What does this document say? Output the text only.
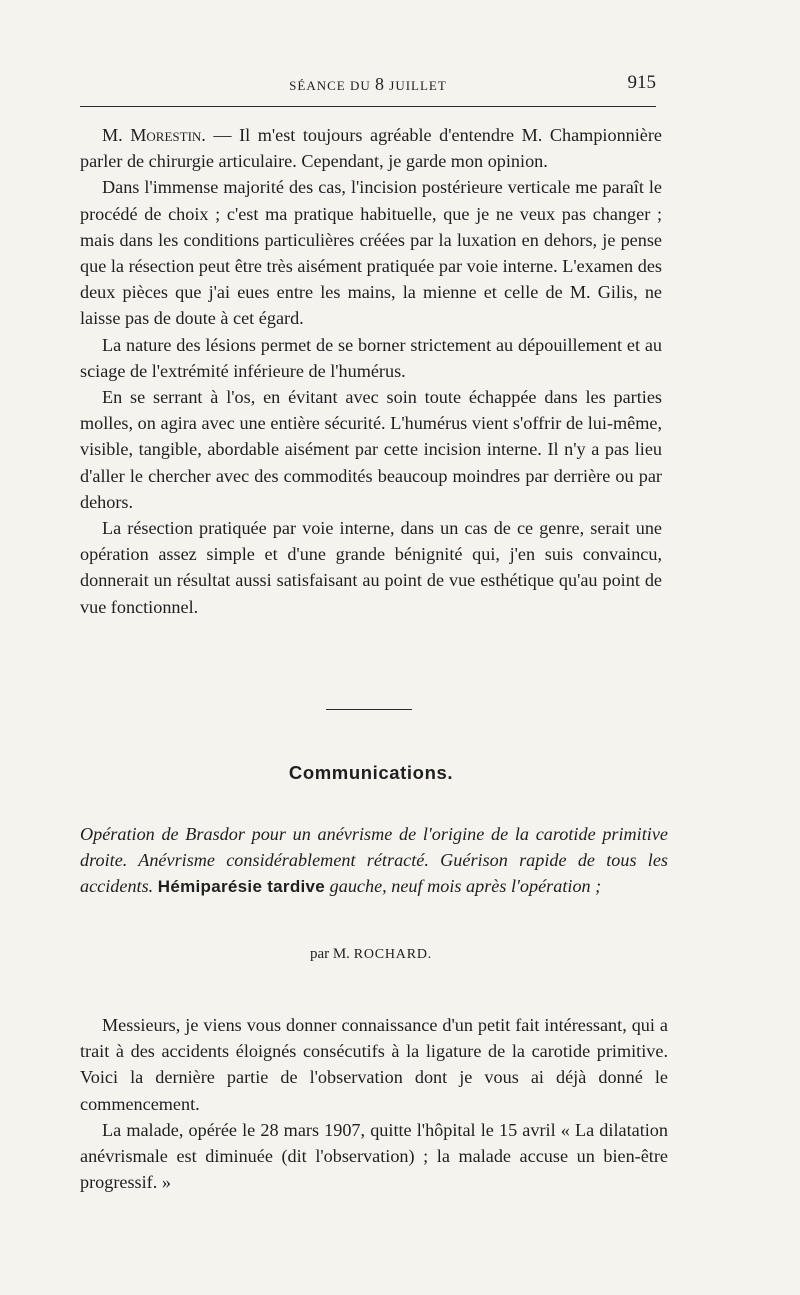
SÉANCE DU 8 JUILLET	915

M. Morestin. — Il m'est toujours agréable d'entendre M. Championnière parler de chirurgie articulaire. Cependant, je garde mon opinion.

Dans l'immense majorité des cas, l'incision postérieure verticale me paraît le procédé de choix ; c'est ma pratique habituelle, que je ne veux pas changer ; mais dans les conditions particulières créées par la luxation en dehors, je pense que la résection peut être très aisément pratiquée par voie interne. L'examen des deux pièces que j'ai eues entre les mains, la mienne et celle de M. Gilis, ne laisse pas de doute à cet égard.

La nature des lésions permet de se borner strictement au dépouillement et au sciage de l'extrémité inférieure de l'humérus.

En se serrant à l'os, en évitant avec soin toute échappée dans les parties molles, on agira avec une entière sécurité. L'humérus vient s'offrir de lui-même, visible, tangible, abordable aisément par cette incision interne. Il n'y a pas lieu d'aller le chercher avec des commodités beaucoup moindres par derrière ou par dehors.

La résection pratiquée par voie interne, dans un cas de ce genre, serait une opération assez simple et d'une grande bénignité qui, j'en suis convaincu, donnerait un résultat aussi satisfaisant au point de vue esthétique qu'au point de vue fonctionnel.

Communications.
Opération de Brasdor pour un anévrisme de l'origine de la carotide primitive droite. Anévrisme considérablement rétracté. Guérison rapide de tous les accidents. Hémiparésie tardive gauche, neuf mois après l'opération ;
par M. ROCHARD.

Messieurs, je viens vous donner connaissance d'un petit fait intéressant, qui a trait à des accidents éloignés consécutifs à la ligature de la carotide primitive. Voici la dernière partie de l'observation dont je vous ai déjà donné le commencement.

La malade, opérée le 28 mars 1907, quitte l'hôpital le 15 avril « La dilatation anévrismale est diminuée (dit l'observation) ; la malade accuse un bien-être progressif. »
